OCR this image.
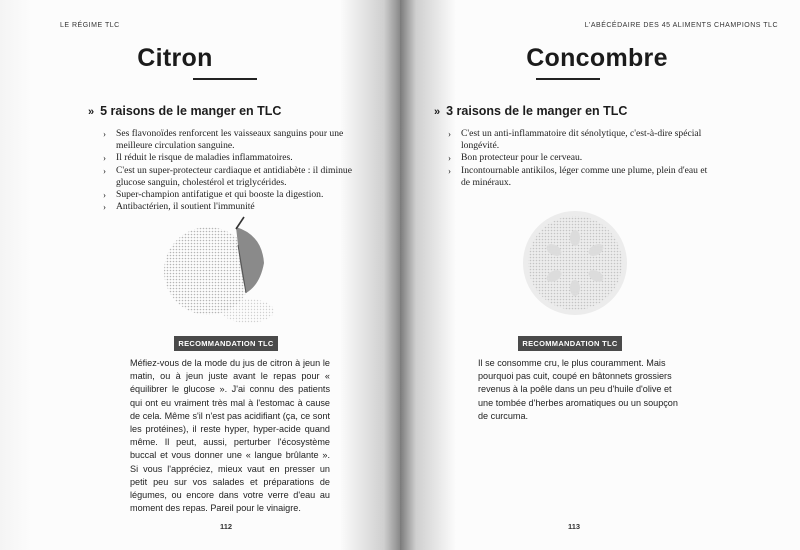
LE RÉGIME TLC
Citron
» 5 raisons de le manger en TLC
› Ses flavonoïdes renforcent les vaisseaux sanguins pour une meilleure circulation sanguine.
› Il réduit le risque de maladies inflammatoires.
› C'est un super-protecteur cardiaque et antidiabète : il diminue glucose sanguin, cholestérol et triglycérides.
› Super-champion antifatigue et qui booste la digestion.
› Antibactérien, il soutient l'immunité
RECOMMANDATION TLC
Méfiez-vous de la mode du jus de citron à jeun le matin, ou à jeun juste avant le repas pour « équilibrer le glucose ». J'ai connu des patients qui ont eu vraiment très mal à l'estomac à cause de cela. Même s'il n'est pas acidifiant (ça, ce sont les protéines), il reste hyper, hyper-acide quand même. Il peut, aussi, perturber l'écosystème buccal et vous donner une « langue brûlante ». Si vous l'appréciez, mieux vaut en presser un petit peu sur vos salades et préparations de légumes, ou encore dans votre verre d'eau au moment des repas. Pareil pour le vinaigre.
112
L'ABÉCÉDAIRE DES 45 ALIMENTS CHAMPIONS TLC
Concombre
» 3 raisons de le manger en TLC
› C'est un anti-inflammatoire dit sénolytique, c'est-à-dire spécial longévité.
› Bon protecteur pour le cerveau.
› Incontournable antikilos, léger comme une plume, plein d'eau et de minéraux.
RECOMMANDATION TLC
Il se consomme cru, le plus couramment. Mais pourquoi pas cuit, coupé en bâtonnets grossiers revenus à la poêle dans un peu d'huile d'olive et une tombée d'herbes aromatiques ou un soupçon de curcuma.
113
